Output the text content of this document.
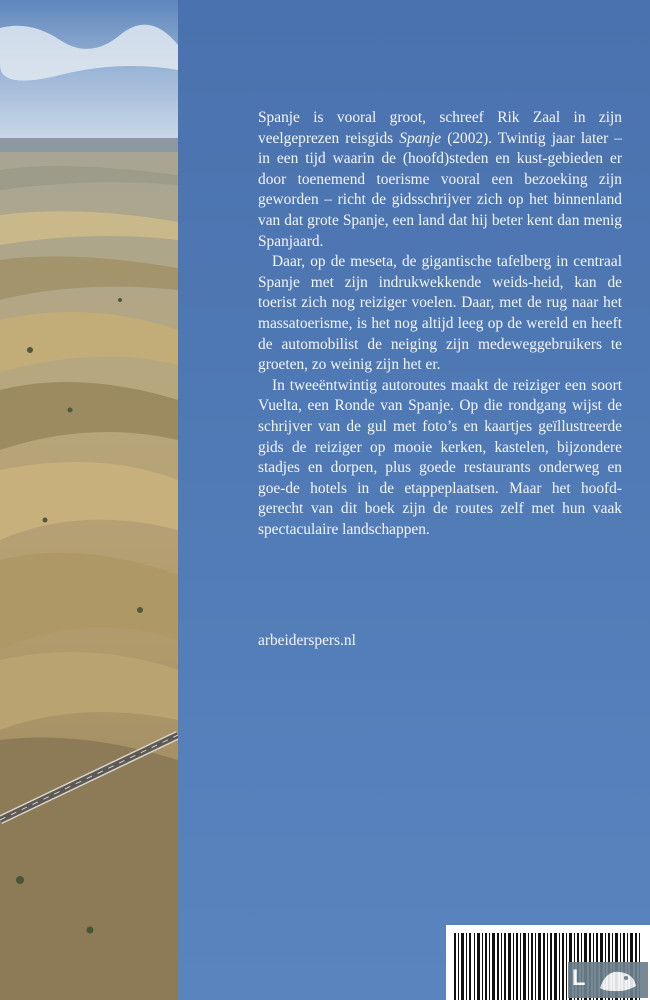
Spanje is vooral groot, schreef Rik Zaal in zijn veelgeprezen reisgids Spanje (2002). Twintig jaar later – in een tijd waarin de (hoofd)steden en kust-gebieden er door toenemend toerisme vooral een bezoeking zijn geworden – richt de gidsschrijver zich op het binnenland van dat grote Spanje, een land dat hij beter kent dan menig Spanjaard.

Daar, op de meseta, de gigantische tafelberg in centraal Spanje met zijn indrukwekkende weids-heid, kan de toerist zich nog reiziger voelen. Daar, met de rug naar het massatoerisme, is het nog altijd leeg op de wereld en heeft de automobilist de neiging zijn medeweggebruikers te groeten, zo weinig zijn het er.

In tweeëntwintig autoroutes maakt de reiziger een soort Vuelta, een Ronde van Spanje. Op die rondgang wijst de schrijver van de gul met foto’s en kaartjes geïllustreerde gids de reiziger op mooie kerken, kastelen, bijzondere stadjes en dorpen, plus goede restaurants onderweg en goe-de hotels in de etappeplaatsen. Maar het hoofd-gerecht van dit boek zijn de routes zelf met hun vaak spectaculaire landschappen.

arbeiderspers.nl
L
